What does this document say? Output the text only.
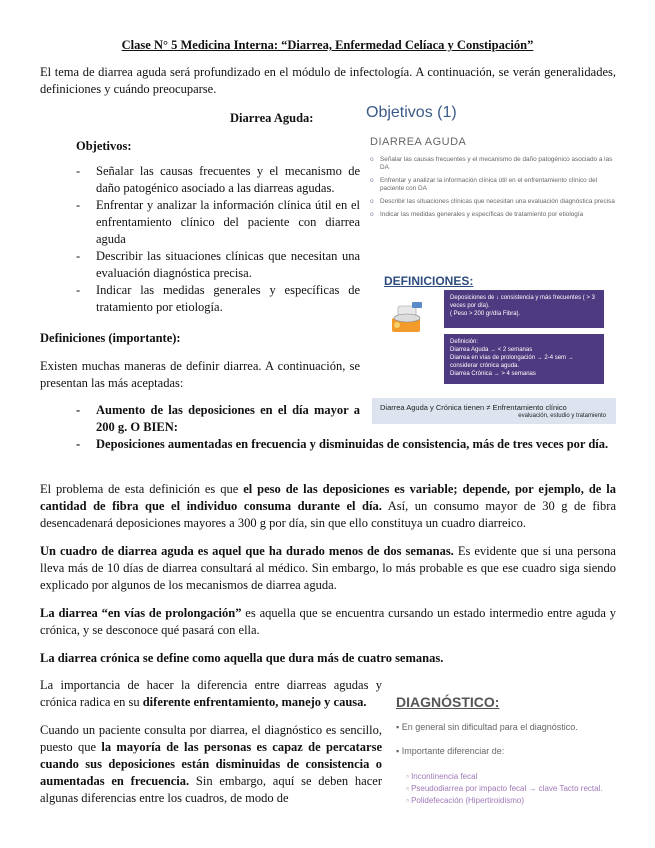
Clase N° 5 Medicina Interna: “Diarrea, Enfermedad Celíaca y Constipación”
El tema de diarrea aguda será profundizado en el módulo de infectología. A continuación, se verán generalidades, definiciones y cuándo preocuparse.
Diarrea Aguda:
Objetivos:
- Señalar las causas frecuentes y el mecanismo de daño patogénico asociado a las diarreas agudas.
- Enfrentar y analizar la información clínica útil en el enfrentamiento clínico del paciente con diarrea aguda
- Describir las situaciones clínicas que necesitan una evaluación diagnóstica precisa.
- Indicar las medidas generales y específicas de tratamiento por etiología.
Definiciones (importante):
Existen muchas maneras de definir diarrea. A continuación, se presentan las más aceptadas:
- Aumento de las deposiciones en el día mayor a 200 g. O BIEN:
- Deposiciones aumentadas en frecuencia y disminuidas de consistencia, más de tres veces por día.
El problema de esta definición es que el peso de las deposiciones es variable; depende, por ejemplo, de la cantidad de fibra que el individuo consuma durante el día. Así, un consumo mayor de 30 g de fibra desencadenará deposiciones mayores a 300 g por día, sin que ello constituya un cuadro diarreico.
Un cuadro de diarrea aguda es aquel que ha durado menos de dos semanas. Es evidente que si una persona lleva más de 10 días de diarrea consultará al médico. Sin embargo, lo más probable es que ese cuadro siga siendo explicado por algunos de los mecanismos de diarrea aguda.
La diarrea “en vías de prolongación” es aquella que se encuentra cursando un estado intermedio entre aguda y crónica, y se desconoce qué pasará con ella.
La diarrea crónica se define como aquella que dura más de cuatro semanas.
La importancia de hacer la diferencia entre diarreas agudas y crónica radica en su diferente enfrentamiento, manejo y causa.
Cuando un paciente consulta por diarrea, el diagnóstico es sencillo, puesto que la mayoría de las personas es capaz de percatarse cuando sus deposiciones están disminuidas de consistencia o aumentadas en frecuencia. Sin embargo, aquí se deben hacer algunas diferencias entre los cuadros, de modo de
Objetivos (1)
DIARREA AGUDA
o Señalar las causas frecuentes y el mecanismo de daño patogénico asociado a las DA
o Enfrentar y analizar la información clínica útil en el enfrentamiento clínico del paciente con DA
o Describir las situaciones clínicas que necesitan una evaluación diagnóstica precisa
o Indicar las medidas generales y específicas de tratamiento por etiología
DEFINICIONES:
Deposiciones de ↓ consistencia y más frecuentes ( > 3 veces por día).
( Peso > 200 gr/día Fibra).
Definición:
Diarrea Aguda → < 2 semanas
Diarrea en vías de prolongación → 2-4 sem → considerar crónica aguda.
Diarrea Crónica → > 4 semanas
Diarrea Aguda y Crónica tienen ≠ Enfrentamiento clínico
evaluación, estudio y tratamiento
DIAGNÓSTICO:
▪ En general sin dificultad para el diagnóstico.
▪ Importante diferenciar de:
▫ Incontinencia fecal
▫ Pseudodiarrea por impacto fecal → clave Tacto rectal.
▫ Polidefecación (Hipertiroidismo)
